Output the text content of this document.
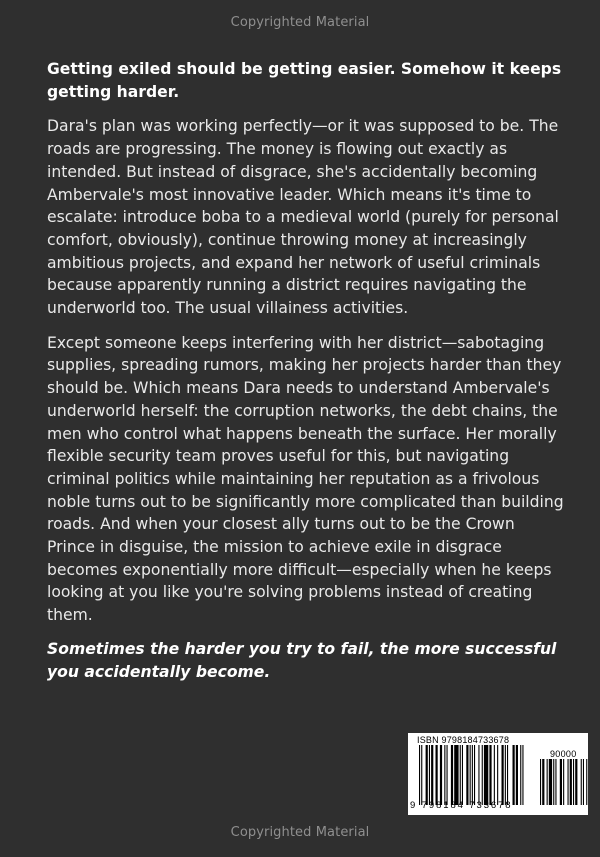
Copyrighted Material

Getting exiled should be getting easier. Somehow it keeps getting harder.

Dara's plan was working perfectly—or it was supposed to be. The roads are progressing. The money is flowing out exactly as intended. But instead of disgrace, she's accidentally becoming Ambervale's most innovative leader. Which means it's time to escalate: introduce boba to a medieval world (purely for personal comfort, obviously), continue throwing money at increasingly ambitious projects, and expand her network of useful criminals because apparently running a district requires navigating the underworld too. The usual villainess activities.

Except someone keeps interfering with her district—sabotaging supplies, spreading rumors, making her projects harder than they should be. Which means Dara needs to understand Ambervale's underworld herself: the corruption networks, the debt chains, the men who control what happens beneath the surface. Her morally flexible security team proves useful for this, but navigating criminal politics while maintaining her reputation as a frivolous noble turns out to be significantly more complicated than building roads. And when your closest ally turns out to be the Crown Prince in disguise, the mission to achieve exile in disgrace becomes exponentially more difficult—especially when he keeps looking at you like you're solving problems instead of creating them.

Sometimes the harder you try to fail, the more successful you accidentally become.

ISBN 9798184733678
90000
9 798184 733678
Copyrighted Material
